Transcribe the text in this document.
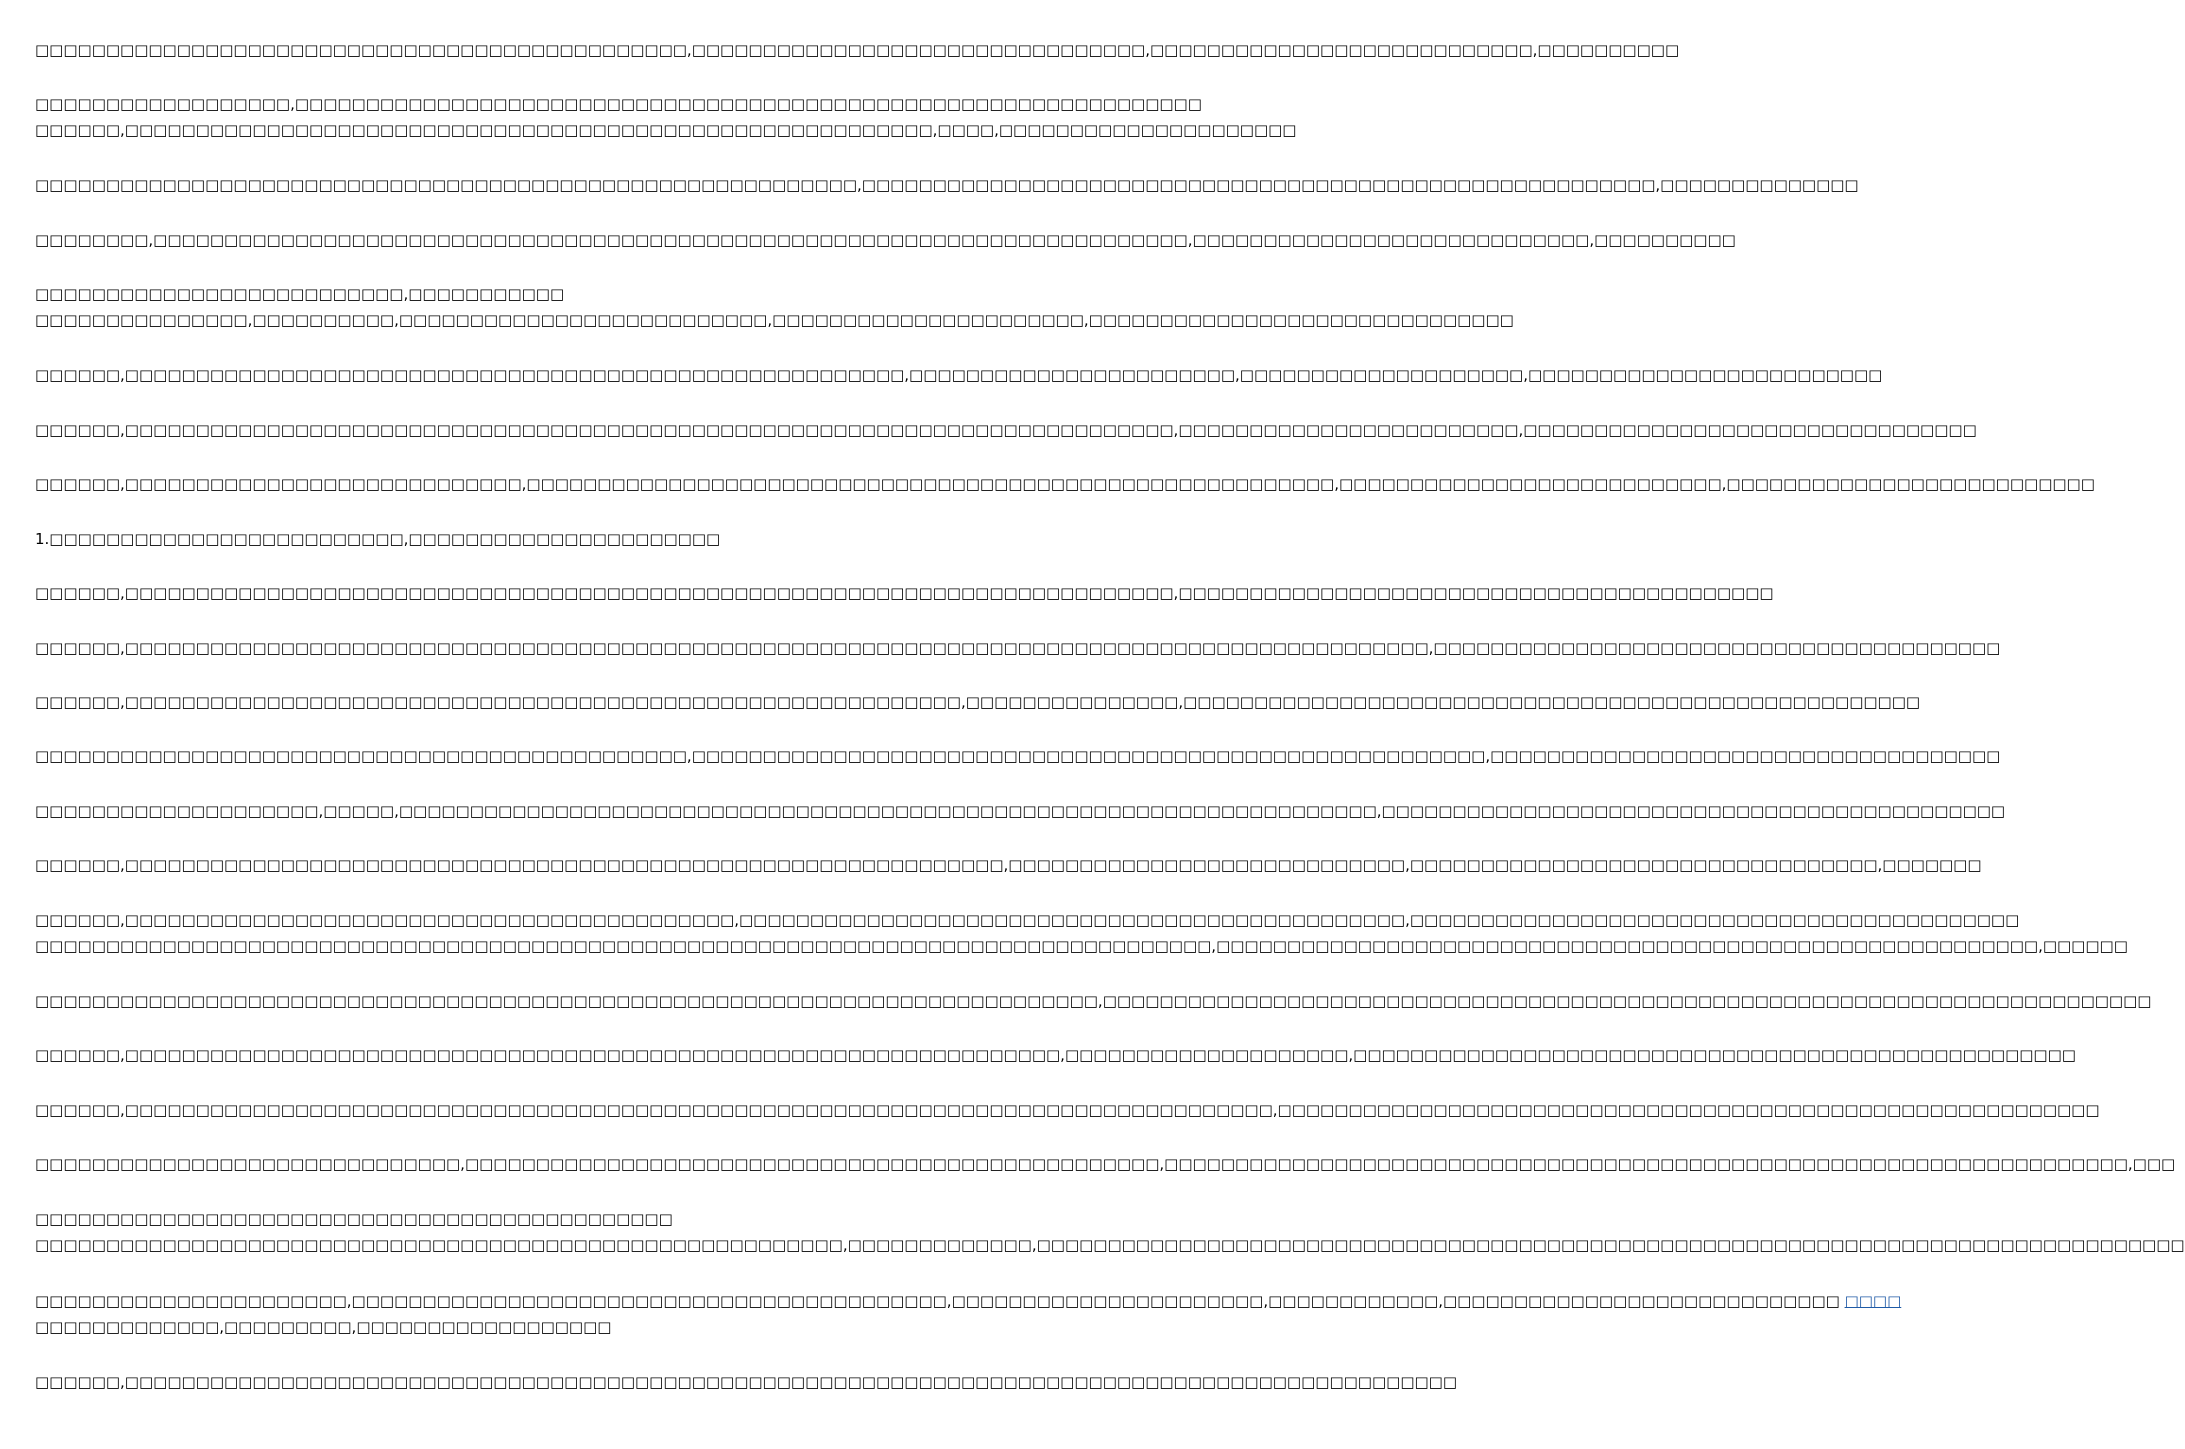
□□□□□□□□□□□□□□□□□□□□□□□□□□□□□□□□□□□□□□□□□□□□□□,□□□□□□□□□□□□□□□□□□□□□□□□□□□□□□□□,□□□□□□□□□□□□□□□□□□□□□□□□□□□,□□□□□□□□□□

□□□□□□□□□□□□□□□□□□,□□□□□□□□□□□□□□□□□□□□□□□□□□□□□□□□□□□□□□□□□□□□□□□□□□□□□□□□□□□□□□□□
□□□□□□,□□□□□□□□□□□□□□□□□□□□□□□□□□□□□□□□□□□□□□□□□□□□□□□□□□□□□□□□□,□□□□,□□□□□□□□□□□□□□□□□□□□□

□□□□□□□□□□□□□□□□□□□□□□□□□□□□□□□□□□□□□□□□□□□□□□□□□□□□□□□□□□,□□□□□□□□□□□□□□□□□□□□□□□□□□□□□□□□□□□□□□□□□□□□□□□□□□□□□□□□,□□□□□□□□□□□□□□

□□□□□□□□,□□□□□□□□□□□□□□□□□□□□□□□□□□□□□□□□□□□□□□□□□□□□□□□□□□□□□□□□□□□□□□□□□□□□□□□□□,□□□□□□□□□□□□□□□□□□□□□□□□□□□□,□□□□□□□□□□

□□□□□□□□□□□□□□□□□□□□□□□□□□,□□□□□□□□□□□
□□□□□□□□□□□□□□□,□□□□□□□□□□,□□□□□□□□□□□□□□□□□□□□□□□□□□,□□□□□□□□□□□□□□□□□□□□□□,□□□□□□□□□□□□□□□□□□□□□□□□□□□□□□

□□□□□□,□□□□□□□□□□□□□□□□□□□□□□□□□□□□□□□□□□□□□□□□□□□□□□□□□□□□□□□,□□□□□□□□□□□□□□□□□□□□□□□,□□□□□□□□□□□□□□□□□□□□,□□□□□□□□□□□□□□□□□□□□□□□□□

□□□□□□,□□□□□□□□□□□□□□□□□□□□□□□□□□□□□□□□□□□□□□□□□□□□□□□□□□□□□□□□□□□□□□□□□□□□□□□□□□,□□□□□□□□□□□□□□□□□□□□□□□□,□□□□□□□□□□□□□□□□□□□□□□□□□□□□□□□□

□□□□□□,□□□□□□□□□□□□□□□□□□□□□□□□□□□□,□□□□□□□□□□□□□□□□□□□□□□□□□□□□□□□□□□□□□□□□□□□□□□□□□□□□□□□□□,□□□□□□□□□□□□□□□□□□□□□□□□□□□,□□□□□□□□□□□□□□□□□□□□□□□□□□

1.□□□□□□□□□□□□□□□□□□□□□□□□□,□□□□□□□□□□□□□□□□□□□□□□

□□□□□□,□□□□□□□□□□□□□□□□□□□□□□□□□□□□□□□□□□□□□□□□□□□□□□□□□□□□□□□□□□□□□□□□□□□□□□□□□□,□□□□□□□□□□□□□□□□□□□□□□□□□□□□□□□□□□□□□□□□□□

□□□□□□,□□□□□□□□□□□□□□□□□□□□□□□□□□□□□□□□□□□□□□□□□□□□□□□□□□□□□□□□□□□□□□□□□□□□□□□□□□□□□□□□□□□□□□□□□□□□,□□□□□□□□□□□□□□□□□□□□□□□□□□□□□□□□□□□□□□□□

□□□□□□,□□□□□□□□□□□□□□□□□□□□□□□□□□□□□□□□□□□□□□□□□□□□□□□□□□□□□□□□□□□,□□□□□□□□□□□□□□□,□□□□□□□□□□□□□□□□□□□□□□□□□□□□□□□□□□□□□□□□□□□□□□□□□□□□

□□□□□□□□□□□□□□□□□□□□□□□□□□□□□□□□□□□□□□□□□□□□□□,□□□□□□□□□□□□□□□□□□□□□□□□□□□□□□□□□□□□□□□□□□□□□□□□□□□□□□□□,□□□□□□□□□□□□□□□□□□□□□□□□□□□□□□□□□□□□

□□□□□□□□□□□□□□□□□□□□,□□□□□,□□□□□□□□□□□□□□□□□□□□□□□□□□□□□□□□□□□□□□□□□□□□□□□□□□□□□□□□□□□□□□□□□□□□□,□□□□□□□□□□□□□□□□□□□□□□□□□□□□□□□□□□□□□□□□□□□□

□□□□□□,□□□□□□□□□□□□□□□□□□□□□□□□□□□□□□□□□□□□□□□□□□□□□□□□□□□□□□□□□□□□□□,□□□□□□□□□□□□□□□□□□□□□□□□□□□□,□□□□□□□□□□□□□□□□□□□□□□□□□□□□□□□□□,□□□□□□□

□□□□□□,□□□□□□□□□□□□□□□□□□□□□□□□□□□□□□□□□□□□□□□□□□□,□□□□□□□□□□□□□□□□□□□□□□□□□□□□□□□□□□□□□□□□□□□□□□□,□□□□□□□□□□□□□□□□□□□□□□□□□□□□□□□□□□□□□□□□□□□
□□□□□□□□□□□□□□□□□□□□□□□□□□□□□□□□□□□□□□□□□□□□□□□□□□□□□□□□□□□□□□□□□□□□□□□□□□□□□□□□□□□,□□□□□□□□□□□□□□□□□□□□□□□□□□□□□□□□□□□□□□□□□□□□□□□□□□□□□□□□□□,□□□□□□

□□□□□□□□□□□□□□□□□□□□□□□□□□□□□□□□□□□□□□□□□□□□□□□□□□□□□□□□□□□□□□□□□□□□□□□□□□□,□□□□□□□□□□□□□□□□□□□□□□□□□□□□□□□□□□□□□□□□□□□□□□□□□□□□□□□□□□□□□□□□□□□□□□□□□□

□□□□□□,□□□□□□□□□□□□□□□□□□□□□□□□□□□□□□□□□□□□□□□□□□□□□□□□□□□□□□□□□□□□□□□□□□,□□□□□□□□□□□□□□□□□□□□,□□□□□□□□□□□□□□□□□□□□□□□□□□□□□□□□□□□□□□□□□□□□□□□□□□□

□□□□□□,□□□□□□□□□□□□□□□□□□□□□□□□□□□□□□□□□□□□□□□□□□□□□□□□□□□□□□□□□□□□□□□□□□□□□□□□□□□□□□□□□,□□□□□□□□□□□□□□□□□□□□□□□□□□□□□□□□□□□□□□□□□□□□□□□□□□□□□□□□□□

□□□□□□□□□□□□□□□□□□□□□□□□□□□□□□,□□□□□□□□□□□□□□□□□□□□□□□□□□□□□□□□□□□□□□□□□□□□□□□□□,□□□□□□□□□□□□□□□□□□□□□□□□□□□□□□□□□□□□□□□□□□□□□□□□□□□□□□□□□□□□□□□□□□□□,□□□

□□□□□□□□□□□□□□□□□□□□□□□□□□□□□□□□□□□□□□□□□□□□□
□□□□□□□□□□□□□□□□□□□□□□□□□□□□□□□□□□□□□□□□□□□□□□□□□□□□□□□□□,□□□□□□□□□□□□□,□□□□□□□□□□□□□□□□□□□□□□□□□□□□□□□□□□□□□□□□□□□□□□□□□□□□□□□□□□□□□□□□□□□□□□□□□□□□□□□□□

□□□□□□□□□□□□□□□□□□□□□□,□□□□□□□□□□□□□□□□□□□□□□□□□□□□□□□□□□□□□□□□□□,□□□□□□□□□□□□□□□□□□□□□□,□□□□□□□□□□□□,□□□□□□□□□□□□□□□□□□□□□□□□□□□□ □□□□
□□□□□□□□□□□□□,□□□□□□□□□,□□□□□□□□□□□□□□□□□□

□□□□□□,□□□□□□□□□□□□□□□□□□□□□□□□□□□□□□□□□□□□□□□□□□□□□□□□□□□□□□□□□□□□□□□□□□□□□□□□□□□□□□□□□□□□□□□□□□□□□□
